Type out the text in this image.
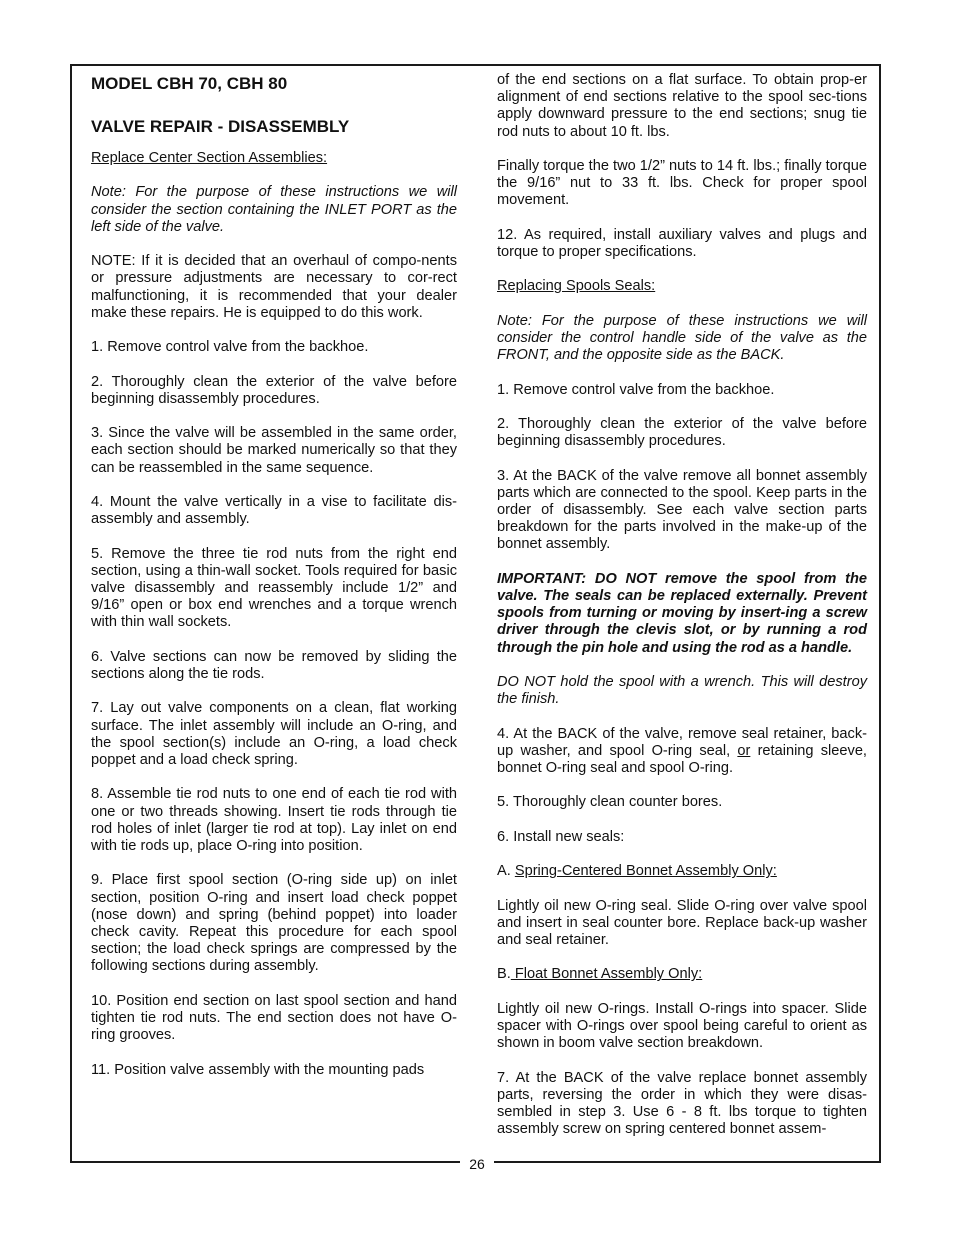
26
MODEL CBH 70, CBH 80
VALVE REPAIR - DISASSEMBLY

Replace Center Section Assemblies:

Note: For the purpose of these instructions we will consider the section containing the INLET PORT as the left side of the valve.

NOTE: If it is decided that an overhaul of compo-nents or pressure adjustments are necessary to cor-rect malfunctioning, it is recommended that your dealer make these repairs. He is equipped to do this work.

1. Remove control valve from the backhoe.

2. Thoroughly clean the exterior of the valve before beginning disassembly procedures.

3. Since the valve will be assembled in the same order, each section should be marked numerically so that they can be reassembled in the same sequence.

4. Mount the valve vertically in a vise to facilitate dis-assembly and assembly.

5. Remove the three tie rod nuts from the right end section, using a thin-wall socket. Tools required for basic valve disassembly and reassembly include 1/2” and 9/16” open or box end wrenches and a torque wrench with thin wall sockets.

6. Valve sections can now be removed by sliding the sections along the tie rods.

7. Lay out valve components on a clean, flat working surface. The inlet assembly will include an O-ring, and the spool section(s) include an O-ring, a load check poppet and a load check spring.

8. Assemble tie rod nuts to one end of each tie rod with one or two threads showing. Insert tie rods through tie rod holes of inlet (larger tie rod at top). Lay inlet on end with tie rods up, place O-ring into position.

9. Place first spool section (O-ring side up) on inlet section, position O-ring and insert load check poppet (nose down) and spring (behind poppet) into loader check cavity. Repeat this procedure for each spool section; the load check springs are compressed by the following sections during assembly.

10. Position end section on last spool section and hand tighten tie rod nuts. The end section does not have O-ring grooves.

11. Position valve assembly with the mounting pads

of the end sections on a flat surface. To obtain prop-er alignment of end sections relative to the spool sec-tions apply downward pressure to the end sections; snug tie rod nuts to about 10 ft. lbs.

Finally torque the two 1/2” nuts to 14 ft. lbs.; finally torque the 9/16” nut to 33 ft. lbs. Check for proper spool movement.

12. As required, install auxiliary valves and plugs and torque to proper specifications.

Replacing Spools Seals:

Note: For the purpose of these instructions we will consider the control handle side of the valve as the FRONT, and the opposite side as the BACK.

1. Remove control valve from the backhoe.

2. Thoroughly clean the exterior of the valve before beginning disassembly procedures.

3. At the BACK of the valve remove all bonnet assembly parts which are connected to the spool. Keep parts in the order of disassembly. See each valve section parts breakdown for the parts involved in the make-up of the bonnet assembly.

IMPORTANT: DO NOT remove the spool from the valve. The seals can be replaced externally. Prevent spools from turning or moving by insert-ing a screw driver through the clevis slot, or by running a rod through the pin hole and using the rod as a handle.

DO NOT hold the spool with a wrench. This will destroy the finish.

4. At the BACK of the valve, remove seal retainer, back-up washer, and spool O-ring seal, or retaining sleeve, bonnet O-ring seal and spool O-ring.

5. Thoroughly clean counter bores.

6. Install new seals:

A. Spring-Centered Bonnet Assembly Only:

Lightly oil new O-ring seal. Slide O-ring over valve spool and insert in seal counter bore. Replace back-up washer and seal retainer.

B. Float Bonnet Assembly Only:

Lightly oil new O-rings. Install O-rings into spacer. Slide spacer with O-rings over spool being careful to orient as shown in boom valve section breakdown.

7. At the BACK of the valve replace bonnet assembly parts, reversing the order in which they were disas-sembled in step 3. Use 6 - 8 ft. lbs torque to tighten assembly screw on spring centered bonnet assem-
